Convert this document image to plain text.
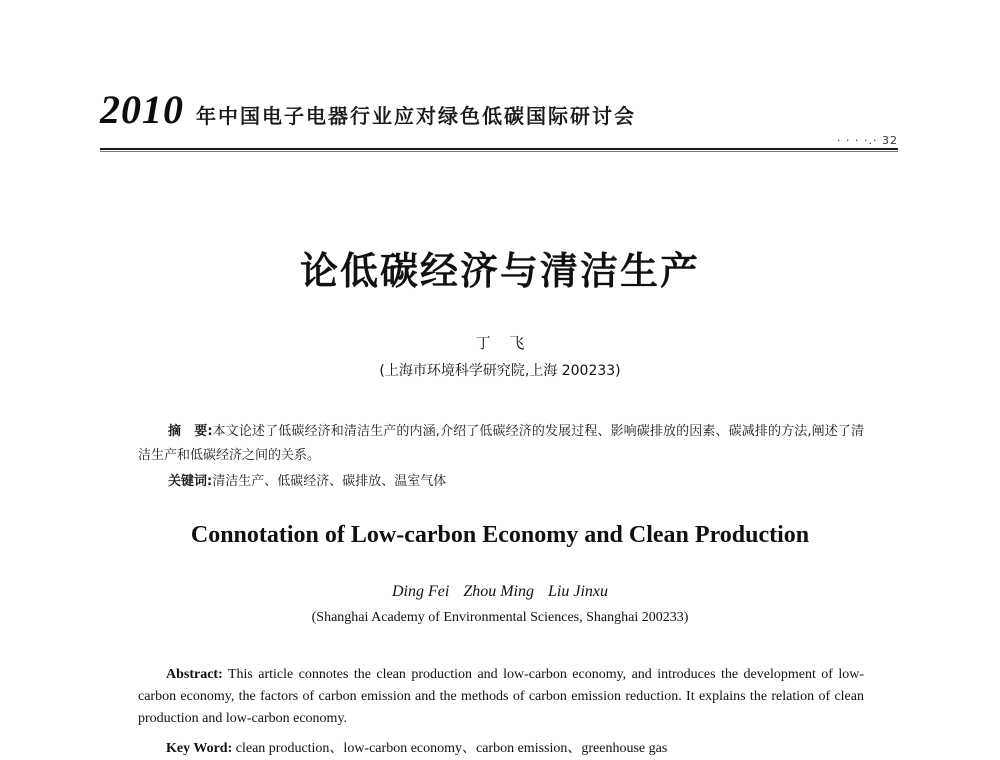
2010 年中国电子电器行业应对绿色低碳国际研讨会
· · · ·.· 32
论低碳经济与清洁生产
丁 飞
(上海市环境科学研究院,上海 200233)
摘　要:本文论述了低碳经济和清洁生产的内涵,介绍了低碳经济的发展过程、影响碳排放的因素、碳减排的方法,阐述了清洁生产和低碳经济之间的关系。
关键词:清洁生产、低碳经济、碳排放、温室气体
Connotation of Low-carbon Economy and Clean Production
Ding Fei Zhou Ming Liu Jinxu
(Shanghai Academy of Environmental Sciences, Shanghai 200233)
Abstract: This article connotes the clean production and low-carbon economy, and introduces the development of low-carbon economy, the factors of carbon emission and the methods of carbon emission reduction. It explains the relation of clean production and low-carbon economy.
Key Word: clean production、low-carbon economy、carbon emission、greenhouse gas
